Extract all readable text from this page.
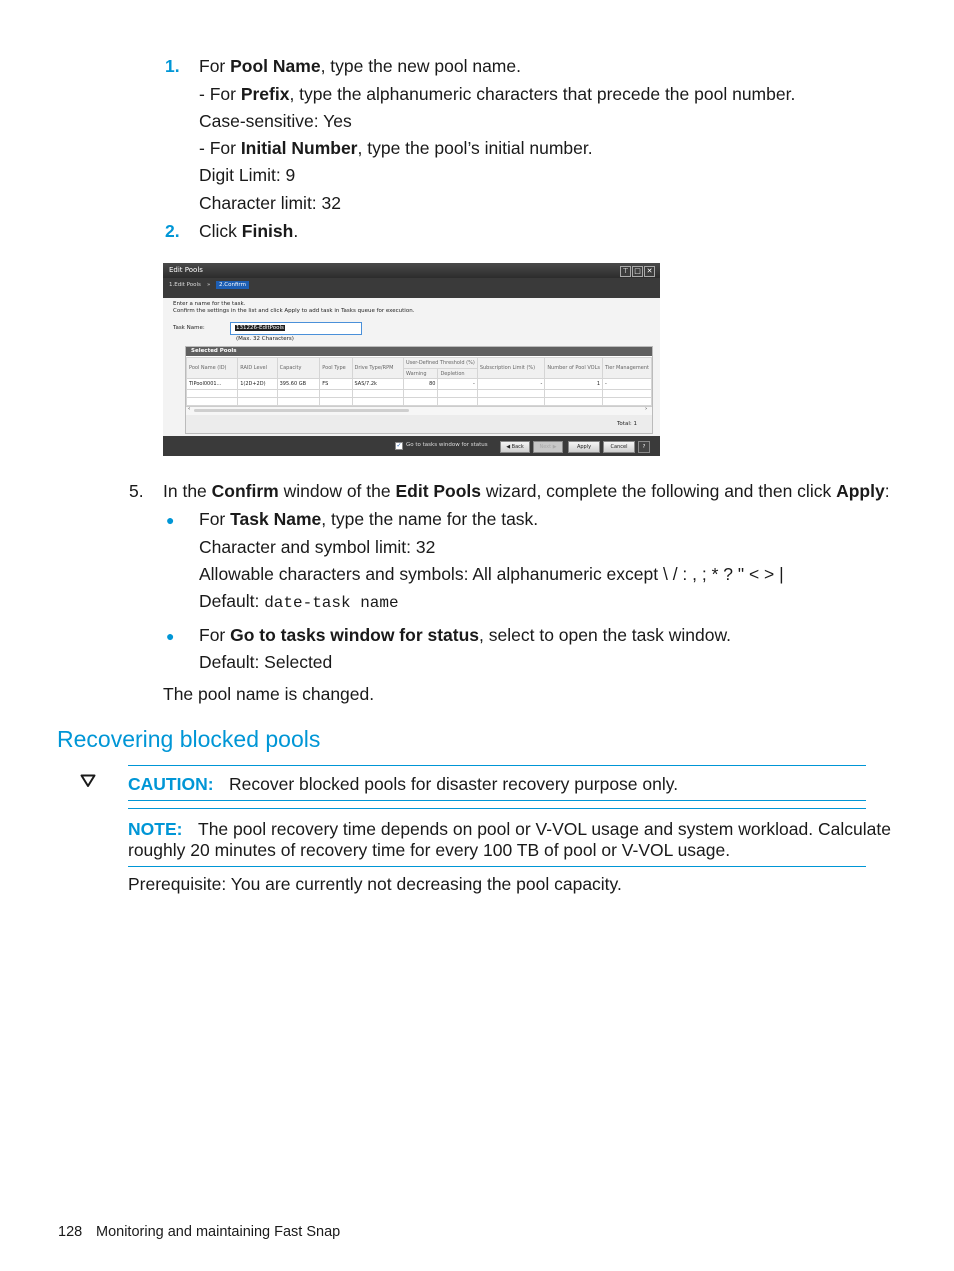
1. For Pool Name, type the new pool name.
- For Prefix, type the alphanumeric characters that precede the pool number.
Case-sensitive: Yes
- For Initial Number, type the pool’s initial number.
Digit Limit: 9
Character limit: 32
2. Click Finish.
Edit Pools	⊤ □ ✕
1.Edit Pools	»	2.Confirm
Enter a name for the task.
Confirm the settings in the list and click Apply to add task in Tasks queue for execution.
Task Name:	131226-EditPools
(Max. 32 Characters)
Selected Pools
Pool Name (ID)	RAID Level	Capacity	Pool Type	Drive Type/RPM	User-Defined Threshold (%)		Subscription Limit (%)	Number of Pool VOLs	Tier Management
					Warning	Depletion			
TIPool0001...	1(2D+2D)	395.60 GB	FS	SAS/7.2k	80	-	-	1	-

‹	›
Total: 1
✓ Go to tasks window for status	◀ Back	Next ▶	Apply	Cancel	?
5. In the Confirm window of the Edit Pools wizard, complete the following and then click Apply:
● For Task Name, type the name for the task.
Character and symbol limit: 32
Allowable characters and symbols: All alphanumeric except \ / : , ; * ? " < > |
Default: date-task name
● For Go to tasks window for status, select to open the task window.
Default: Selected
The pool name is changed.
Recovering blocked pools
CAUTION: Recover blocked pools for disaster recovery purpose only.
NOTE: The pool recovery time depends on pool or V-VOL usage and system workload. Calculate
roughly 20 minutes of recovery time for every 100 TB of pool or V-VOL usage.
Prerequisite: You are currently not decreasing the pool capacity.
128 Monitoring and maintaining Fast Snap
